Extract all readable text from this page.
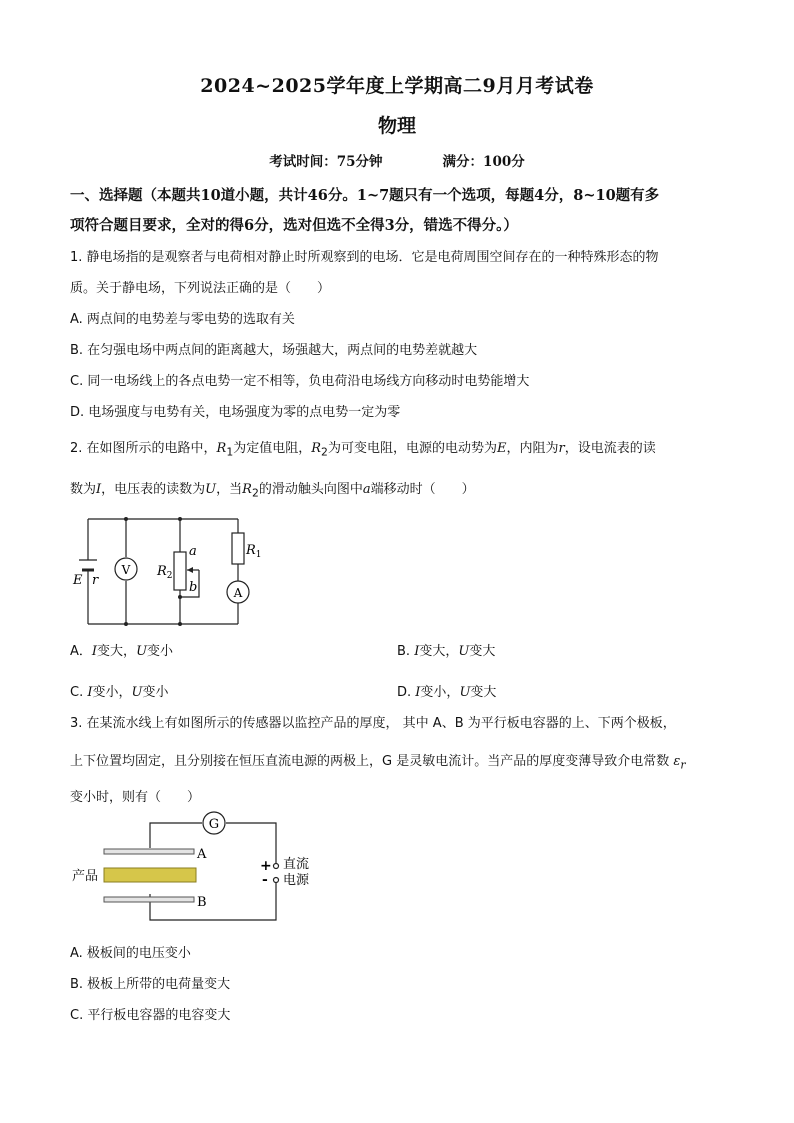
2024~2025学年度上学期高二9月月考试卷
物理
考试时间：75分钟	满分：100分
一、选择题（本题共10道小题，共计46分。1~7题只有一个选项，每题4分，8~10题有多
项符合题目要求，全对的得6分，选对但选不全得3分，错选不得分。）
1. 静电场指的是观察者与电荷相对静止时所观察到的电场．它是电荷周围空间存在的一种特殊形态的物
质。关于静电场，下列说法正确的是（　　）
A. 两点间的电势差与零电势的选取有关
B. 在匀强电场中两点间的距离越大，场强越大，两点间的电势差就越大
C. 同一电场线上的各点电势一定不相等，负电荷沿电场线方向移动时电势能增大
D. 电场强度与电势有关，电场强度为零的点电势一定为零
2. 在如图所示的电路中，$R_1$为定值电阻，$R_2$为可变电阻，电源的电动势为E，内阻为r，设电流表的读
数为I，电压表的读数为U，当$R_2$的滑动触头向图中a端移动时（　　）
E r
V $R_2$
a
b
$R_1$
A
A．I变大，U变小	B. I变大，U变大
C. I变小，U变小	D. I变小，U变大
3. 在某流水线上有如图所示的传感器以监控产品的厚度， 其中 A、B 为平行板电容器的上、下两个极板，
上下位置均固定，且分别接在恒压直流电源的两极上，G 是灵敏电流计。当产品的厚度变薄导致介电常数 $\varepsilon_r$
变小时，则有（　　）
G
A
产品
B
+
-
直流
电源
A. 极板间的电压变小
B. 极板上所带的电荷量变大
C. 平行板电容器的电容变大
